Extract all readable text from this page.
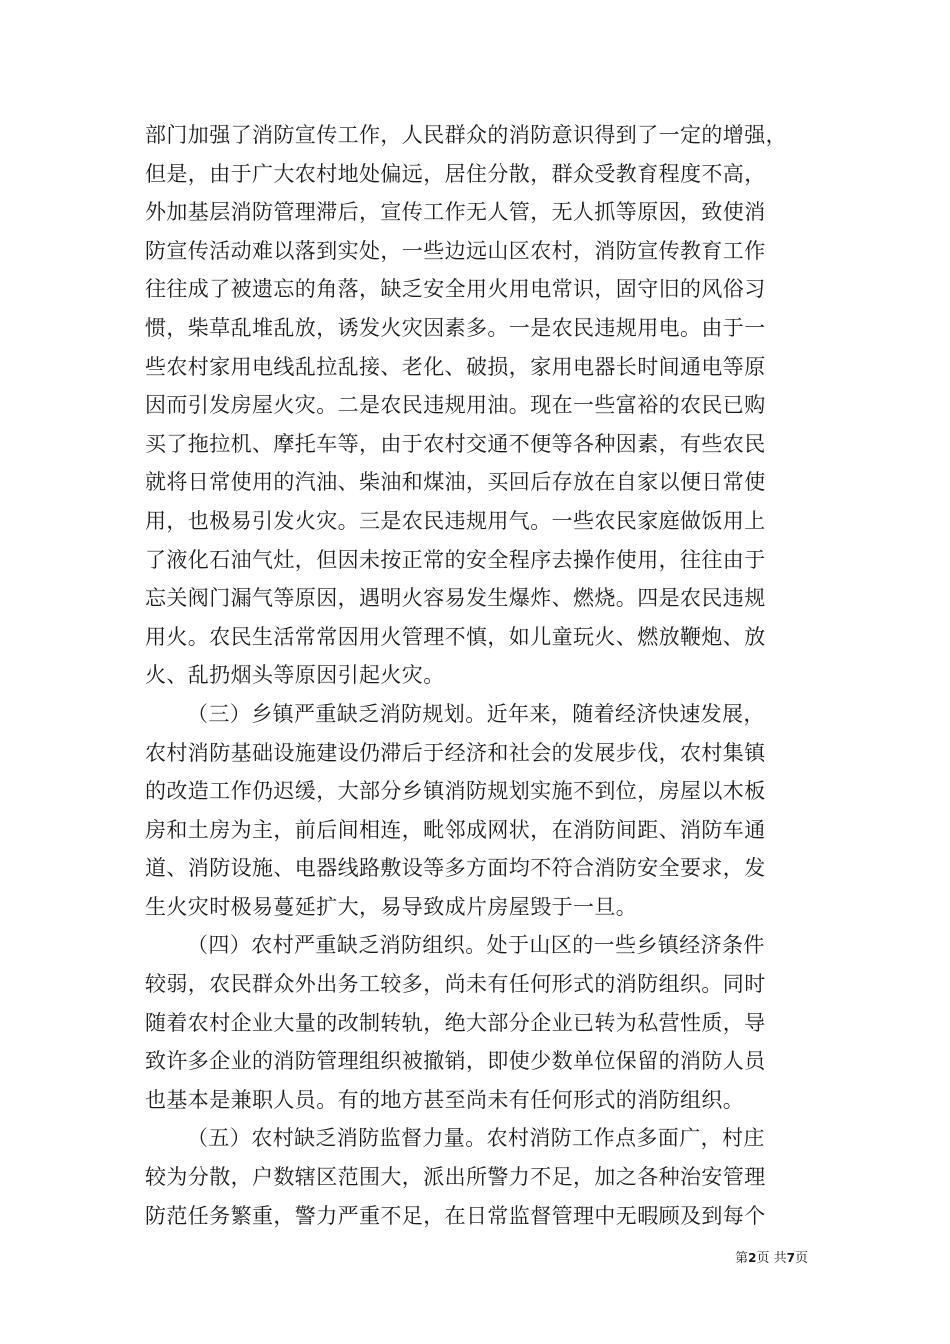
部门加强了消防宣传工作，人民群众的消防意识得到了一定的增强，
但是，由于广大农村地处偏远，居住分散，群众受教育程度不高，
外加基层消防管理滞后，宣传工作无人管，无人抓等原因，致使消
防宣传活动难以落到实处，一些边远山区农村，消防宣传教育工作
往往成了被遗忘的角落，缺乏安全用火用电常识，固守旧的风俗习
惯，柴草乱堆乱放，诱发火灾因素多。一是农民违规用电。由于一
些农村家用电线乱拉乱接、老化、破损，家用电器长时间通电等原
因而引发房屋火灾。二是农民违规用油。现在一些富裕的农民已购
买了拖拉机、摩托车等，由于农村交通不便等各种因素，有些农民
就将日常使用的汽油、柴油和煤油，买回后存放在自家以便日常使
用，也极易引发火灾。三是农民违规用气。一些农民家庭做饭用上
了液化石油气灶，但因未按正常的安全程序去操作使用，往往由于
忘关阀门漏气等原因，遇明火容易发生爆炸、燃烧。四是农民违规
用火。农民生活常常因用火管理不慎，如儿童玩火、燃放鞭炮、放
火、乱扔烟头等原因引起火灾。
（三）乡镇严重缺乏消防规划。近年来，随着经济快速发展，
农村消防基础设施建设仍滞后于经济和社会的发展步伐，农村集镇
的改造工作仍迟缓，大部分乡镇消防规划实施不到位，房屋以木板
房和土房为主，前后间相连，毗邻成网状，在消防间距、消防车通
道、消防设施、电器线路敷设等多方面均不符合消防安全要求，发
生火灾时极易蔓延扩大，易导致成片房屋毁于一旦。
（四）农村严重缺乏消防组织。处于山区的一些乡镇经济条件
较弱，农民群众外出务工较多，尚未有任何形式的消防组织。同时
随着农村企业大量的改制转轨，绝大部分企业已转为私营性质，导
致许多企业的消防管理组织被撤销，即使少数单位保留的消防人员
也基本是兼职人员。有的地方甚至尚未有任何形式的消防组织。
（五）农村缺乏消防监督力量。农村消防工作点多面广，村庄
较为分散，户数辖区范围大，派出所警力不足，加之各种治安管理
防范任务繁重，警力严重不足，在日常监督管理中无暇顾及到每个
第2页 共7页
